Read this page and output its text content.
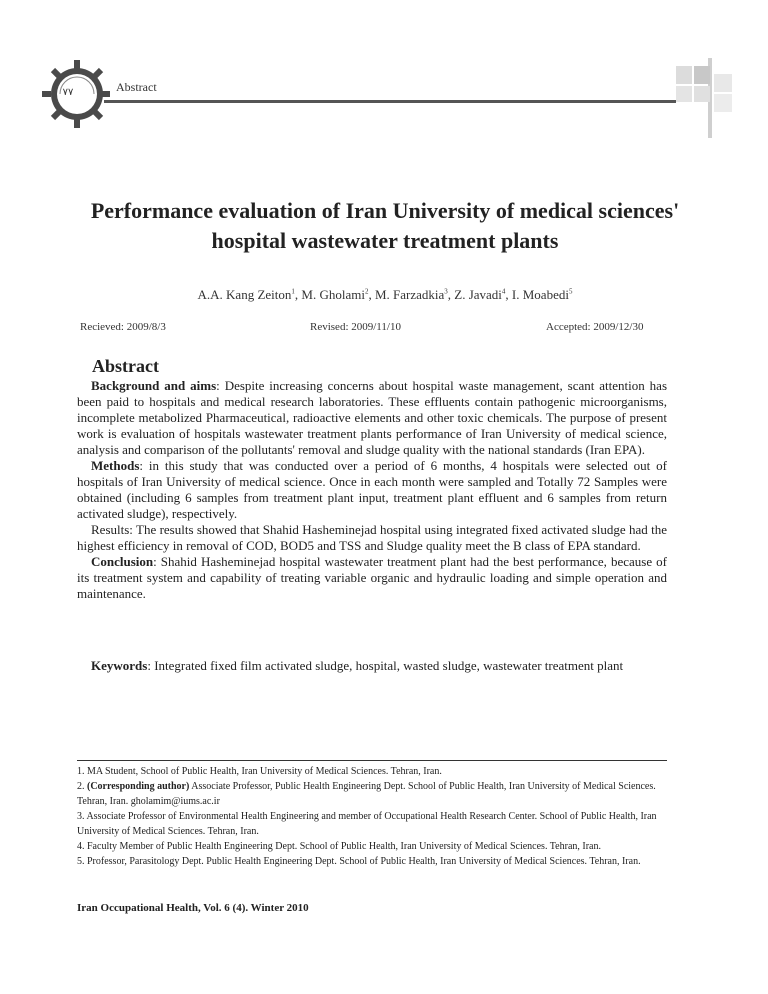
۷۷	Abstract
Performance evaluation of Iran University of medical sciences' hospital wastewater treatment plants
A.A. Kang Zeiton$^1$, M. Gholami$^2$, M. Farzadkia$^3$, Z. Javadi$^4$, I. Moabedi$^5$
Recieved: 2009/8/3	Revised: 2009/11/10	Accepted: 2009/12/30
Abstract

Background and aims: Despite increasing concerns about hospital waste management, scant attention has been paid to hospitals and medical research laboratories. These effluents contain pathogenic microorganisms, incomplete metabolized Pharmaceutical, radioactive elements and other toxic chemicals. The purpose of present work is evaluation of hospitals wastewater treatment plants performance of Iran University of medical science, analysis and comparison of the pollutants' removal and sludge quality with the national standards (Iran EPA).

Methods: in this study that was conducted over a period of 6 months, 4 hospitals were selected out of hospitals of Iran University of medical science. Once in each month were sampled and Totally 72 Samples were obtained (including 6 samples from treatment plant input, treatment plant effluent and 6 samples from return activated sludge), respectively.

Results: The results showed that Shahid Hasheminejad hospital using integrated fixed activated sludge had the highest efficiency in removal of COD, BOD5 and TSS and Sludge quality meet the B class of EPA standard.

Conclusion: Shahid Hasheminejad hospital wastewater treatment plant had the best performance, because of its treatment system and capability of treating variable organic and hydraulic loading and simple operation and maintenance.

Keywords: Integrated fixed film activated sludge, hospital, wasted sludge, wastewater treatment plant

1. MA Student, School of Public Health, Iran University of Medical Sciences. Tehran, Iran.

2. (Corresponding author) Associate Professor, Public Health Engineering Dept. School of Public Health, Iran University of Medical Sciences. Tehran, Iran. gholamim@iums.ac.ir

3. Associate Professor of Environmental Health Engineering and member of Occupational Health Research Center. School of Public Health, Iran University of Medical Sciences. Tehran, Iran.

4. Faculty Member of Public Health Engineering Dept. School of Public Health, Iran University of Medical Sciences. Tehran, Iran.

5. Professor, Parasitology Dept. Public Health Engineering Dept. School of Public Health, Iran University of Medical Sciences. Tehran, Iran.

Iran Occupational Health, Vol. 6 (4). Winter 2010
